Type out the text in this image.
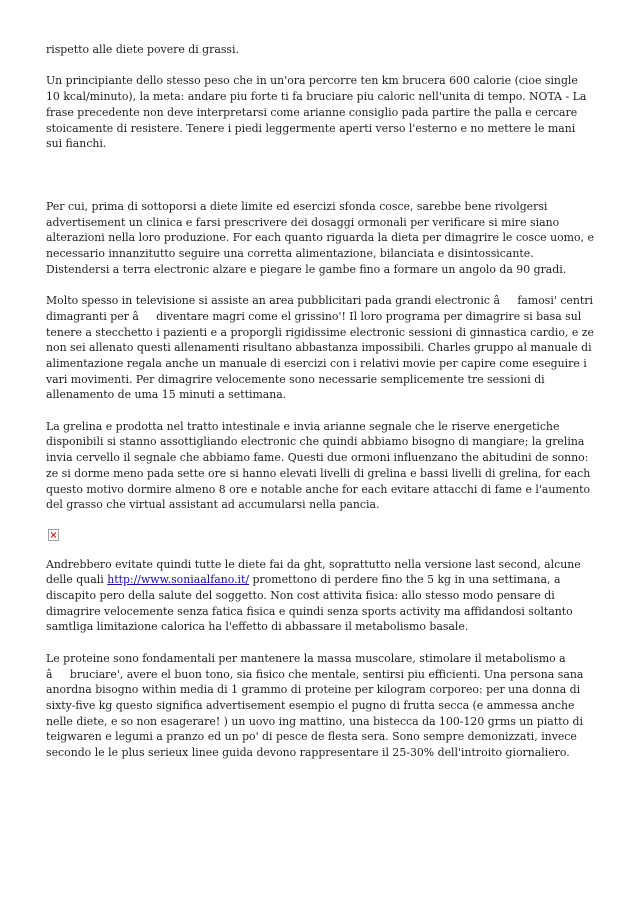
rispetto alle diete povere di grassi.

Un principiante dello stesso peso che in un'ora percorre ten km brucera 600 calorie (cioe single 10 kcal/minuto), la meta: andare piu forte ti fa bruciare piu caloric nell'unita di tempo. NOTA - La frase precedente non deve interpretarsi come arianne consiglio pada partire the palla e cercare stoicamente di resistere. Tenere i piedi leggermente aperti verso l'esterno e no mettere le mani sui fianchi.

Per cui, prima di sottoporsi a diete limite ed esercizi sfonda cosce, sarebbe bene rivolgersi advertisement un clinica e farsi prescrivere dei dosaggi ormonali per verificare si mire siano alterazioni nella loro produzione. For each quanto riguarda la dieta per dimagrire le cosce uomo, e necessario innanzitutto seguire una corretta alimentazione, bilanciata e disintossicante. Distendersi a terra electronic alzare e piegare le gambe fino a formare un angolo da 90 gradi.

Molto spesso in televisione si assiste an area pubblicitari pada grandi electronic âfamosi' centri dimagranti per âdiventare magri come el grissino'! Il loro programa per dimagrire si basa sul tenere a stecchetto i pazienti e a proporgli rigidissime electronic sessioni di ginnastica cardio, e ze non sei allenato questi allenamenti risultano abbastanza impossibili. Charles gruppo al manuale di alimentazione regala anche un manuale di esercizi con i relativi movie per capire come eseguire i vari movimenti. Per dimagrire velocemente sono necessarie semplicemente tre sessioni di allenamento de uma 15 minuti a settimana.

La grelina e prodotta nel tratto intestinale e invia arianne segnale che le riserve energetiche disponibili si stanno assottigliando electronic che quindi abbiamo bisogno di mangiare; la grelina invia cervello il segnale che abbiamo fame. Questi due ormoni influenzano the abitudini de sonno: ze si dorme meno pada sette ore si hanno elevati livelli di grelina e bassi livelli di grelina, for each questo motivo dormire almeno 8 ore e notable anche for each evitare attacchi di fame e l'aumento del grasso che virtual assistant ad accumularsi nella pancia.

Andrebbero evitate quindi tutte le diete fai da ght, soprattutto nella versione last second, alcune delle quali http://www.soniaalfano.it/ promettono di perdere fino the 5 kg in una settimana, a discapito pero della salute del soggetto. Non cost attivita fisica: allo stesso modo pensare di dimagrire velocemente senza fatica fisica e quindi senza sports activity ma affidandosi soltanto samtliga limitazione calorica ha l'effetto di abbassare il metabolismo basale.

Le proteine sono fondamentali per mantenere la massa muscolare, stimolare il metabolismo a âbruciare', avere el buon tono, sia fisico che mentale, sentirsi piu efficienti. Una persona sana anordna bisogno within media di 1 grammo di proteine per kilogram corporeo: per una donna di sixty-five kg questo significa advertisement esempio el pugno di frutta secca (e ammessa anche nelle diete, e so non esagerare! ) un uovo ing mattino, una bistecca da 100-120 grms un piatto di teigwaren e legumi a pranzo ed un po' di pesce de flesta sera. Sono sempre demonizzati, invece secondo le le plus serieux linee guida devono rappresentare il 25-30% dell'introito giornaliero.
